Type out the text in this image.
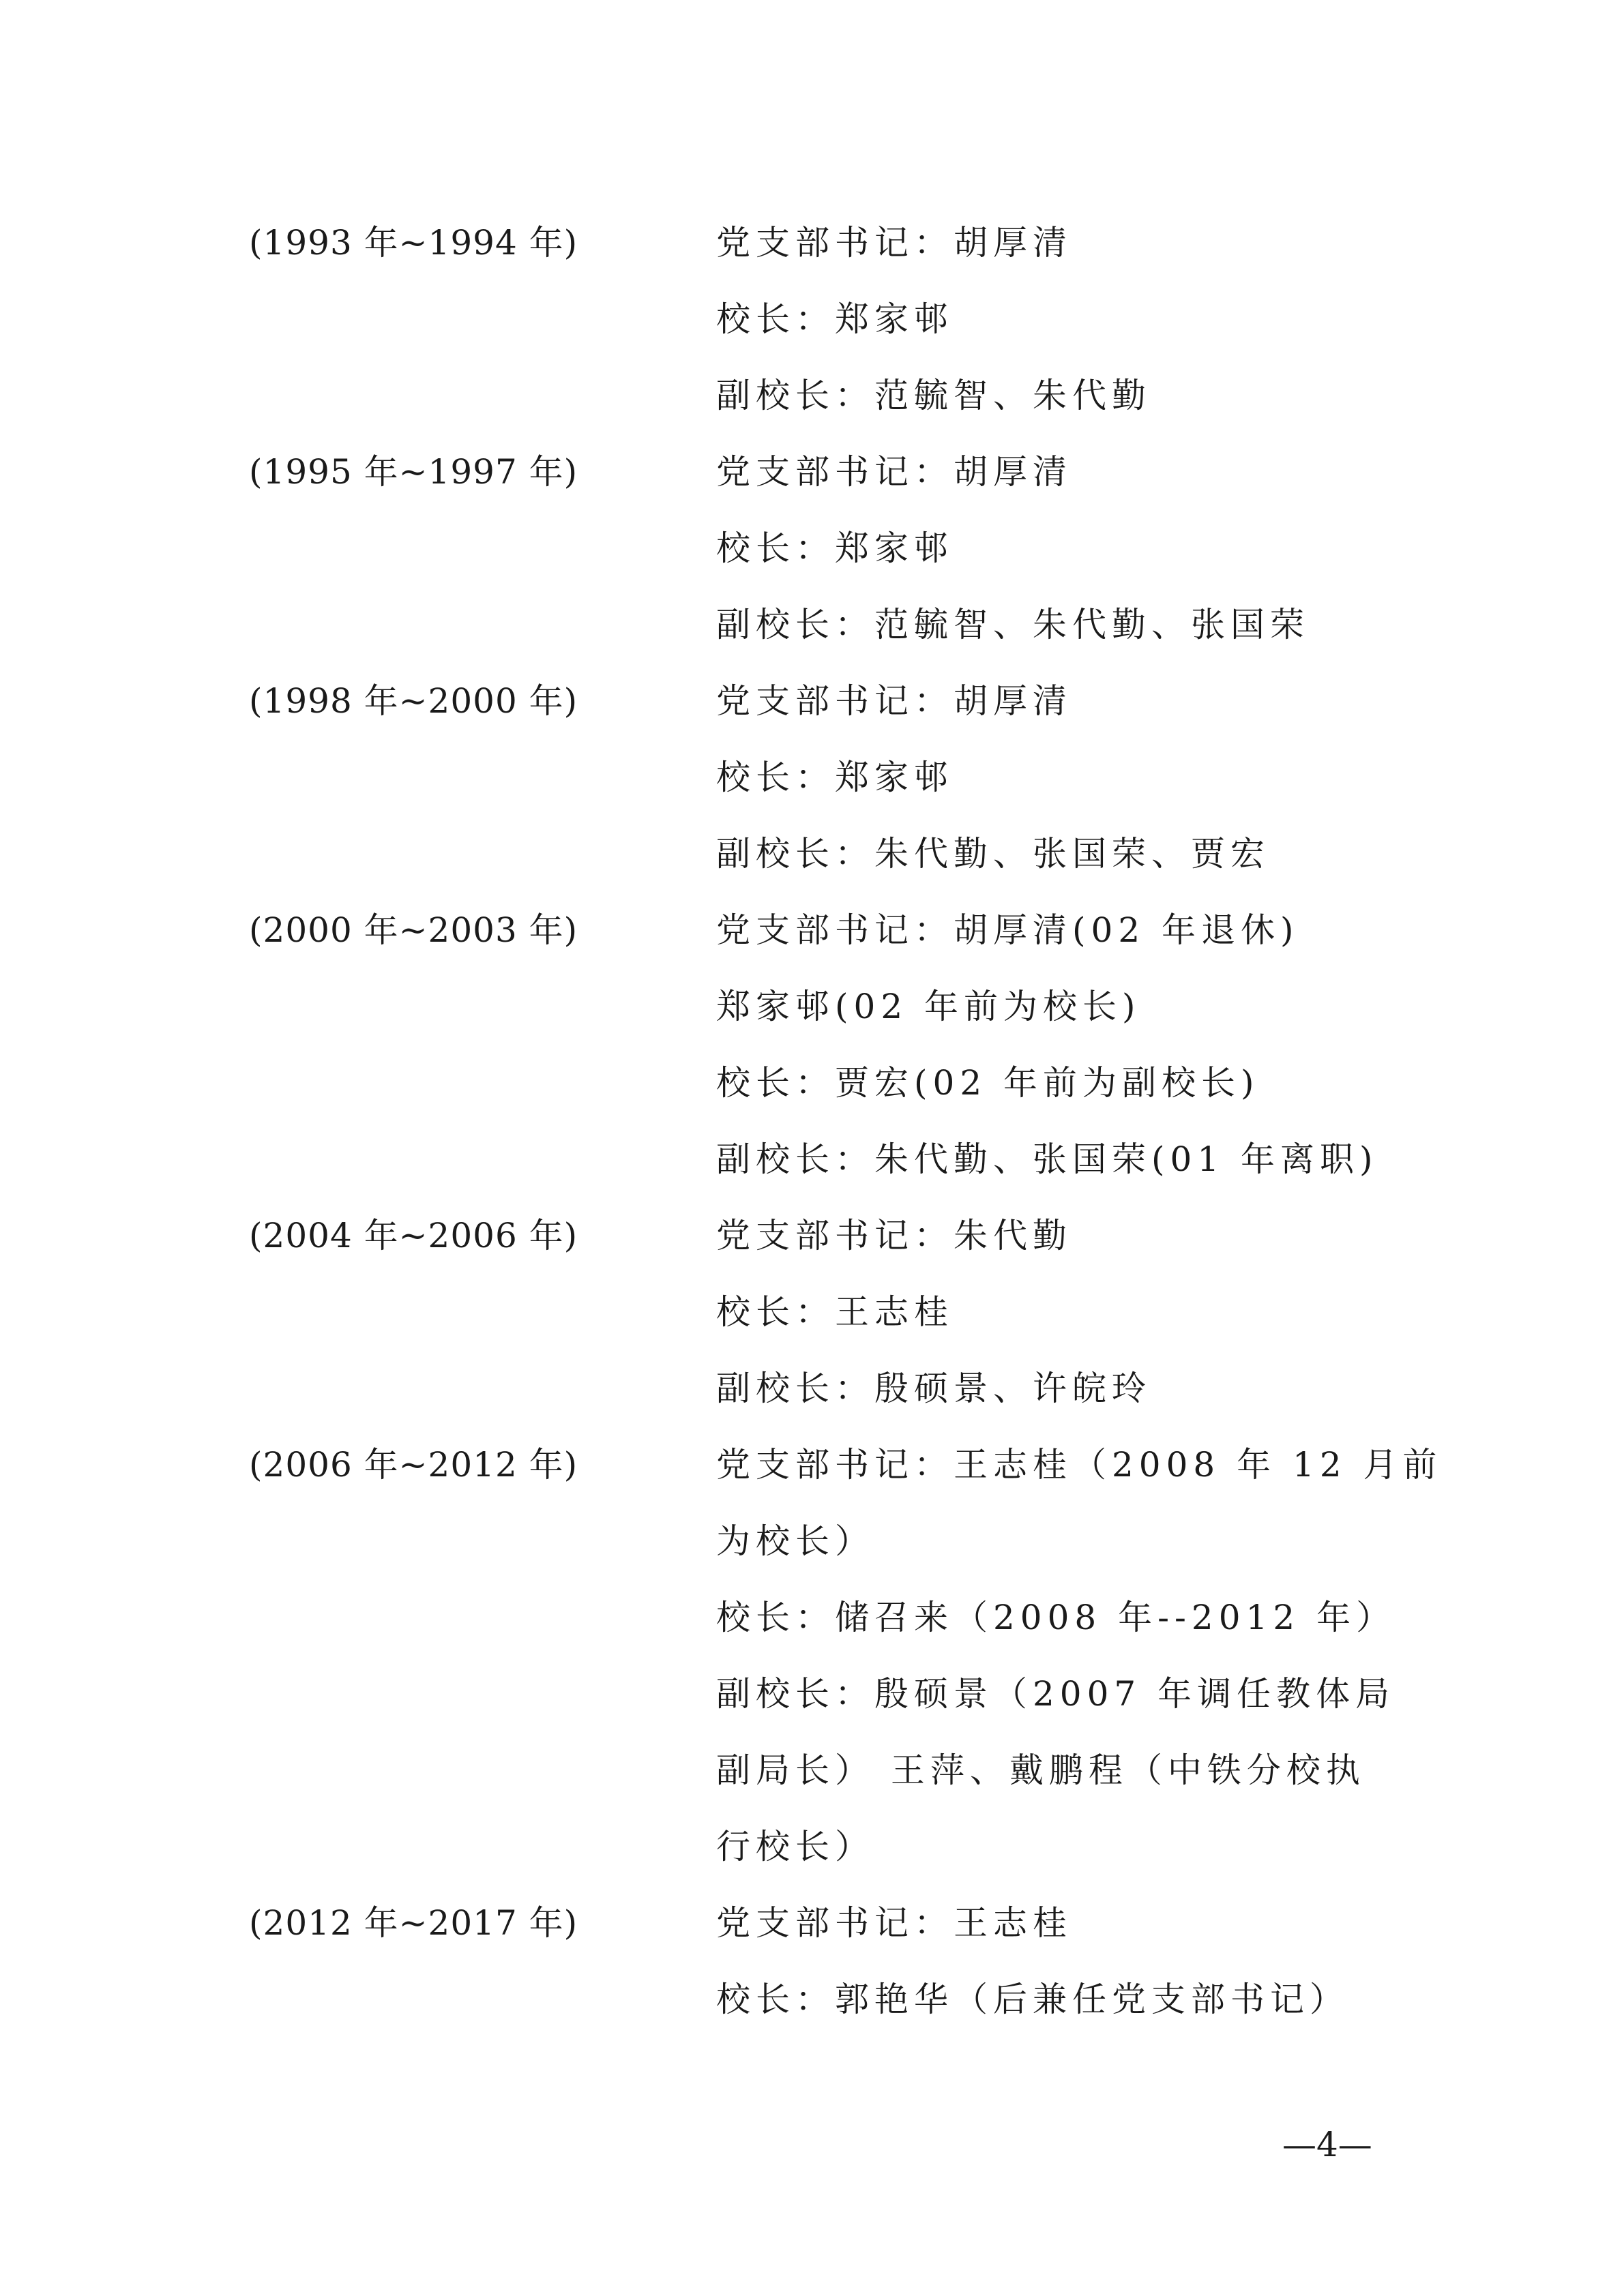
(1993 年~1994 年)	党支部书记：胡厚清
校长：郑家邨
副校长：范毓智、朱代勤
(1995 年~1997 年)	党支部书记：胡厚清
校长：郑家邨
副校长：范毓智、朱代勤、张国荣
(1998 年~2000 年)	党支部书记：胡厚清
校长：郑家邨
副校长：朱代勤、张国荣、贾宏
(2000 年~2003 年)	党支部书记：胡厚清(02 年退休)
郑家邨(02 年前为校长)
校长：贾宏(02 年前为副校长)
副校长：朱代勤、张国荣(01 年离职)
(2004 年~2006 年)	党支部书记：朱代勤
校长：王志桂
副校长：殷硕景、许皖玲
(2006 年~2012 年)	党支部书记：王志桂（2008 年 12 月前
为校长）
校长：储召来（2008 年--2012 年）
副校长：殷硕景（2007 年调任教体局
副局长） 王萍、戴鹏程（中铁分校执
行校长）
(2012 年~2017 年)	党支部书记：王志桂
校长：郭艳华（后兼任党支部书记）
—4—
